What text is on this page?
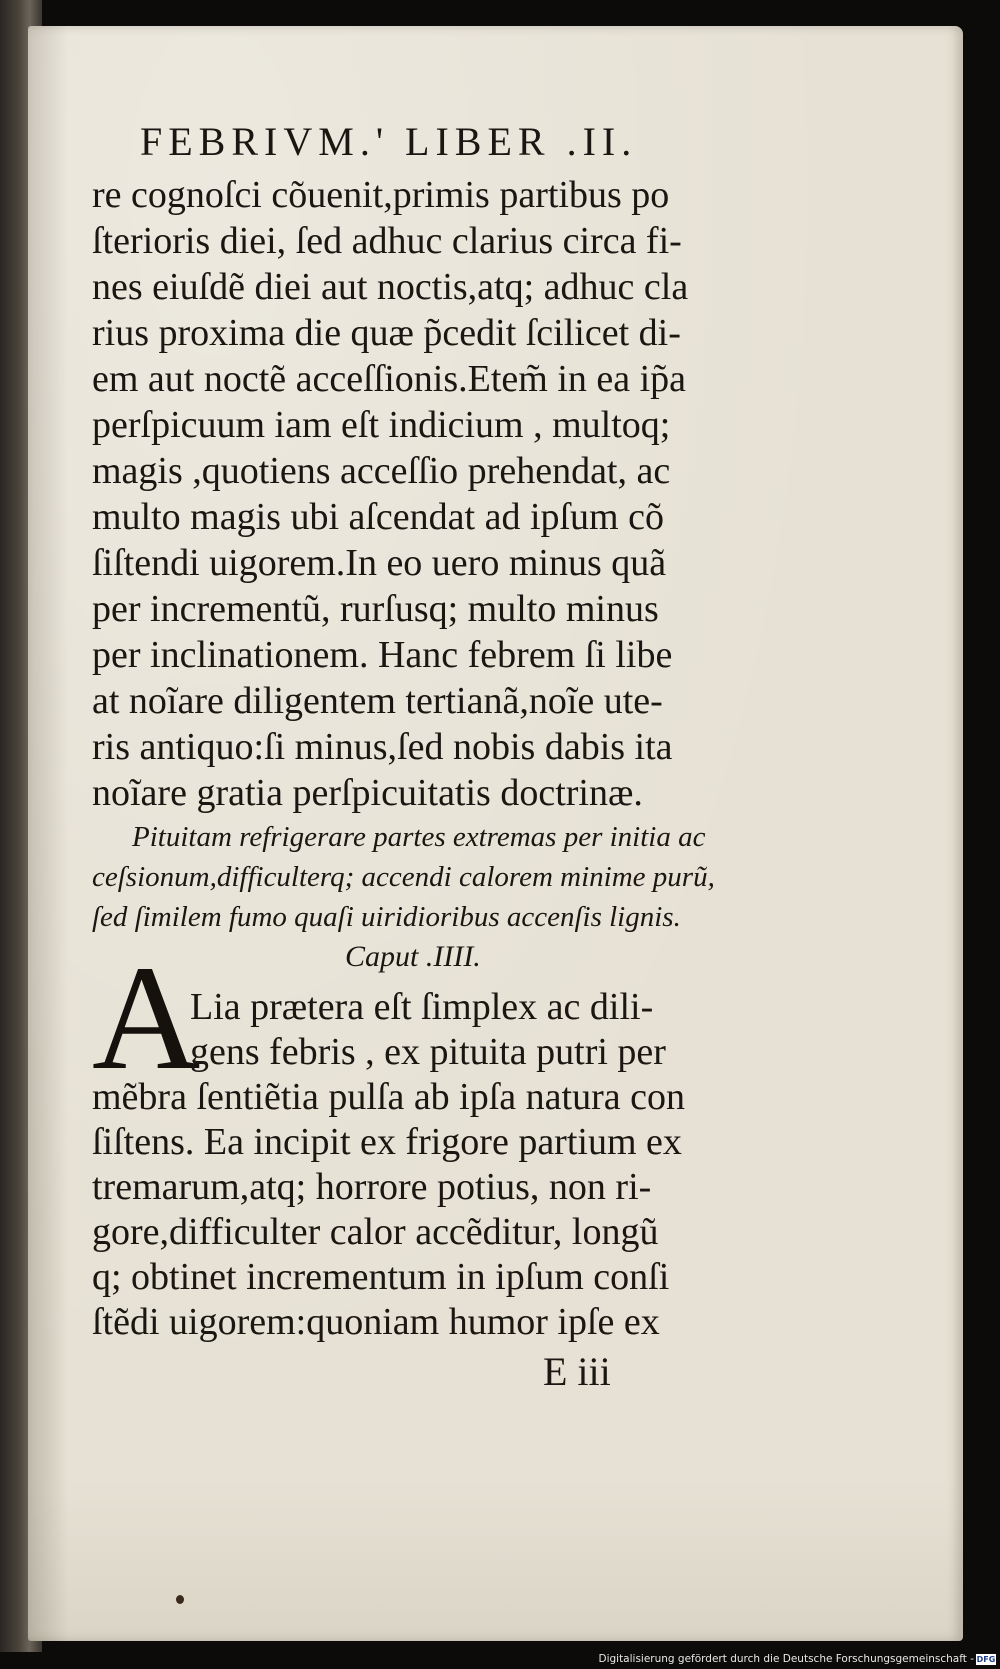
FEBRIVM.' LIBER .II.
re cognoſci cõuenit,primis partibus po
ſterioris diei, ſed adhuc clarius circa fi-
nes eiuſdẽ diei aut noctis,atq; adhuc cla
rius proxima die quæ p̃cedit ſcilicet di-
em aut noctẽ acceſſionis.Etem̃ in ea ip̃a
perſpicuum iam eſt indicium , multoq;
magis ,quotiens acceſſio prehendat, ac
multo magis ubi aſcendat ad ipſum cõ
ſiſtendi uigorem.In eo uero minus quã
per incrementũ, rurſusq; multo minus
per inclinationem. Hanc febrem ſi libe
at noĩare diligentem tertianã,noĩe ute-
ris antiquo:ſi minus,ſed nobis dabis ita
noĩare gratia perſpicuitatis doctrinæ.
Pituitam refrigerare partes extremas per initia ac
ceſsionum,difficulterq; accendi calorem minime purũ,
ſed ſimilem fumo quaſi uiridioribus accenſis lignis.
Caput .IIII.
A
Lia prætera eſt ſimplex ac dili-
gens febris , ex pituita putri per
mẽbra ſentiẽtia pulſa ab ipſa natura con
ſiſtens. Ea incipit ex frigore partium ex
tremarum,atq; horrore potius, non ri-
gore,difficulter calor accẽditur, longũ
q; obtinet incrementum in ipſum conſi
ſtẽdi uigorem:quoniam humor ipſe ex
E iii
Digitalisierung gefördert durch die Deutsche Forschungsgemeinschaft - DFG
